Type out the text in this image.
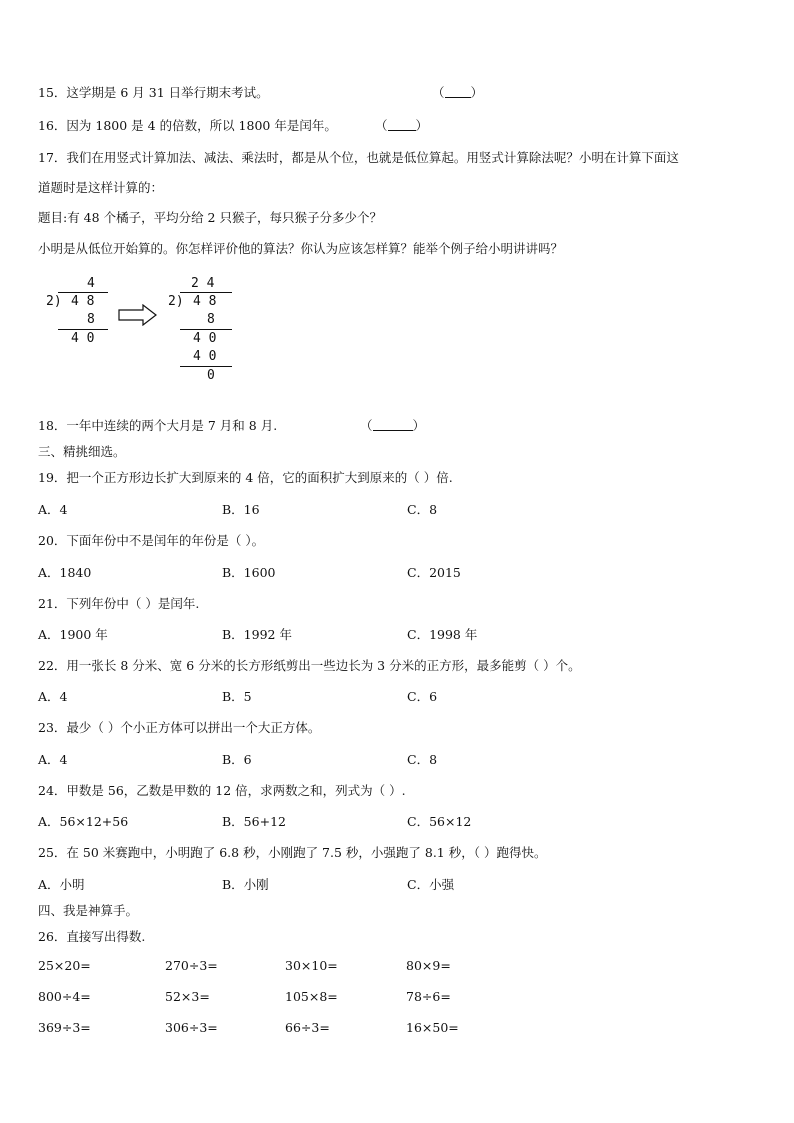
15．这学期是 6 月 31 日举行期末考试。	（ ）
16．因为 1800 是 4 的倍数，所以 1800 年是闰年。	（ ）
17．我们在用竖式计算加法、减法、乘法时，都是从个位，也就是低位算起。用竖式计算除法呢？小明在计算下面这
道题时是这样计算的：
题目:有 48 个橘子，平均分给 2 只猴子，每只猴子分多少个？
小明是从低位开始算的。你怎样评价他的算法？你认为应该怎样算？能举个例子给小明讲讲吗？
4
2) 4 8
8
4 0
2 4
2) 4 8
8
4 0
4 0
0
18．一年中连续的两个大月是 7 月和 8 月.	（	）
三、精挑细选。
19．把一个正方形边长扩大到原来的 4 倍，它的面积扩大到原来的（ ）倍.
A．4	B．16	C．8
20．下面年份中不是闰年的年份是（ ）。
A．1840	B．1600	C．2015
21．下列年份中（ ）是闰年.
A．1900 年	B．1992 年	C．1998 年
22．用一张长 8 分米、宽 6 分米的长方形纸剪出一些边长为 3 分米的正方形，最多能剪（ ）个。
A．4	B．5	C．6
23．最少（ ）个小正方体可以拼出一个大正方体。
A．4	B．6	C．8
24．甲数是 56，乙数是甲数的 12 倍，求两数之和，列式为（ ）.
A．56×12+56	B．56+12	C．56×12
25．在 50 米赛跑中，小明跑了 6.8 秒，小刚跑了 7.5 秒，小强跑了 8.1 秒，（ ）跑得快。
A．小明	B．小刚	C．小强
四、我是神算手。
26．直接写出得数.
25×20=	270÷3=	30×10=	80×9=
800÷4=	52×3=	105×8=	78÷6=
369÷3=	306÷3=	66÷3=	16×50=
